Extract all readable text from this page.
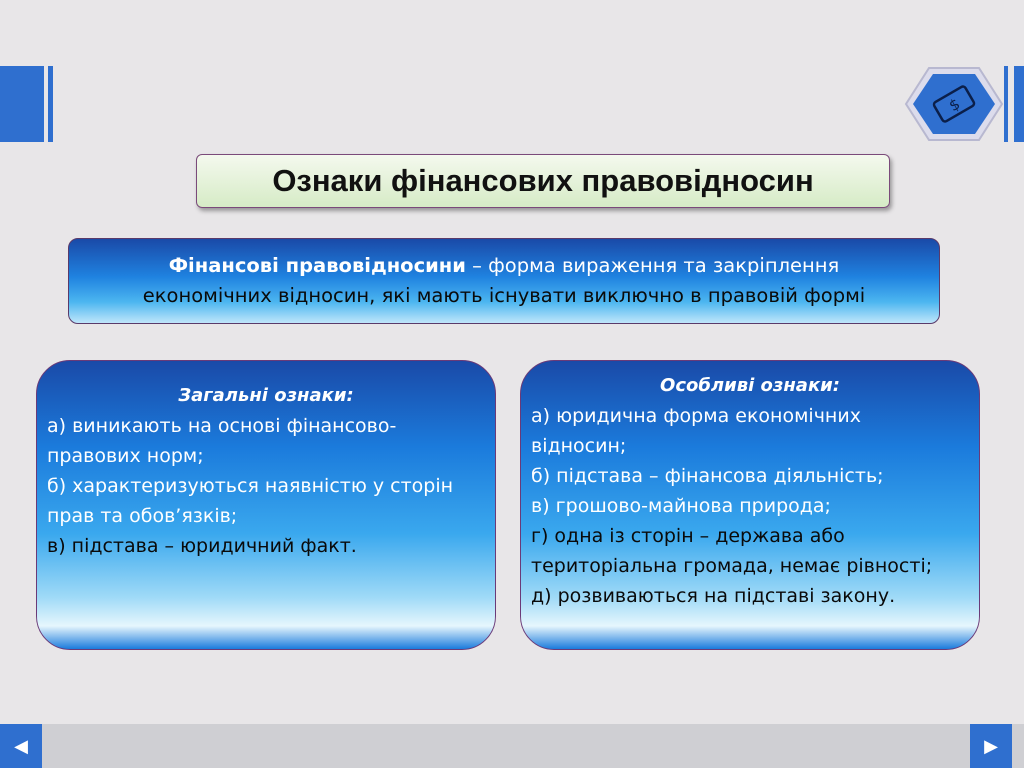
$
Ознаки фінансових правовідносин
Фінансові правовідносини – форма вираження та закріплення
економічних відносин, які мають існувати виключно в правовій формі
Загальні ознаки:
а) виникають на основі фінансово-
правових норм;
б) характеризуються наявністю у сторін
прав та обов’язків;
в) підстава – юридичний факт.
Особливі ознаки:
а) юридична форма економічних
відносин;
б) підстава – фінансова діяльність;
в) грошово-майнова природа;
г) одна із сторін – держава або
територіальна громада, немає рівності;
д) розвиваються на підставі закону.
◀	▶
